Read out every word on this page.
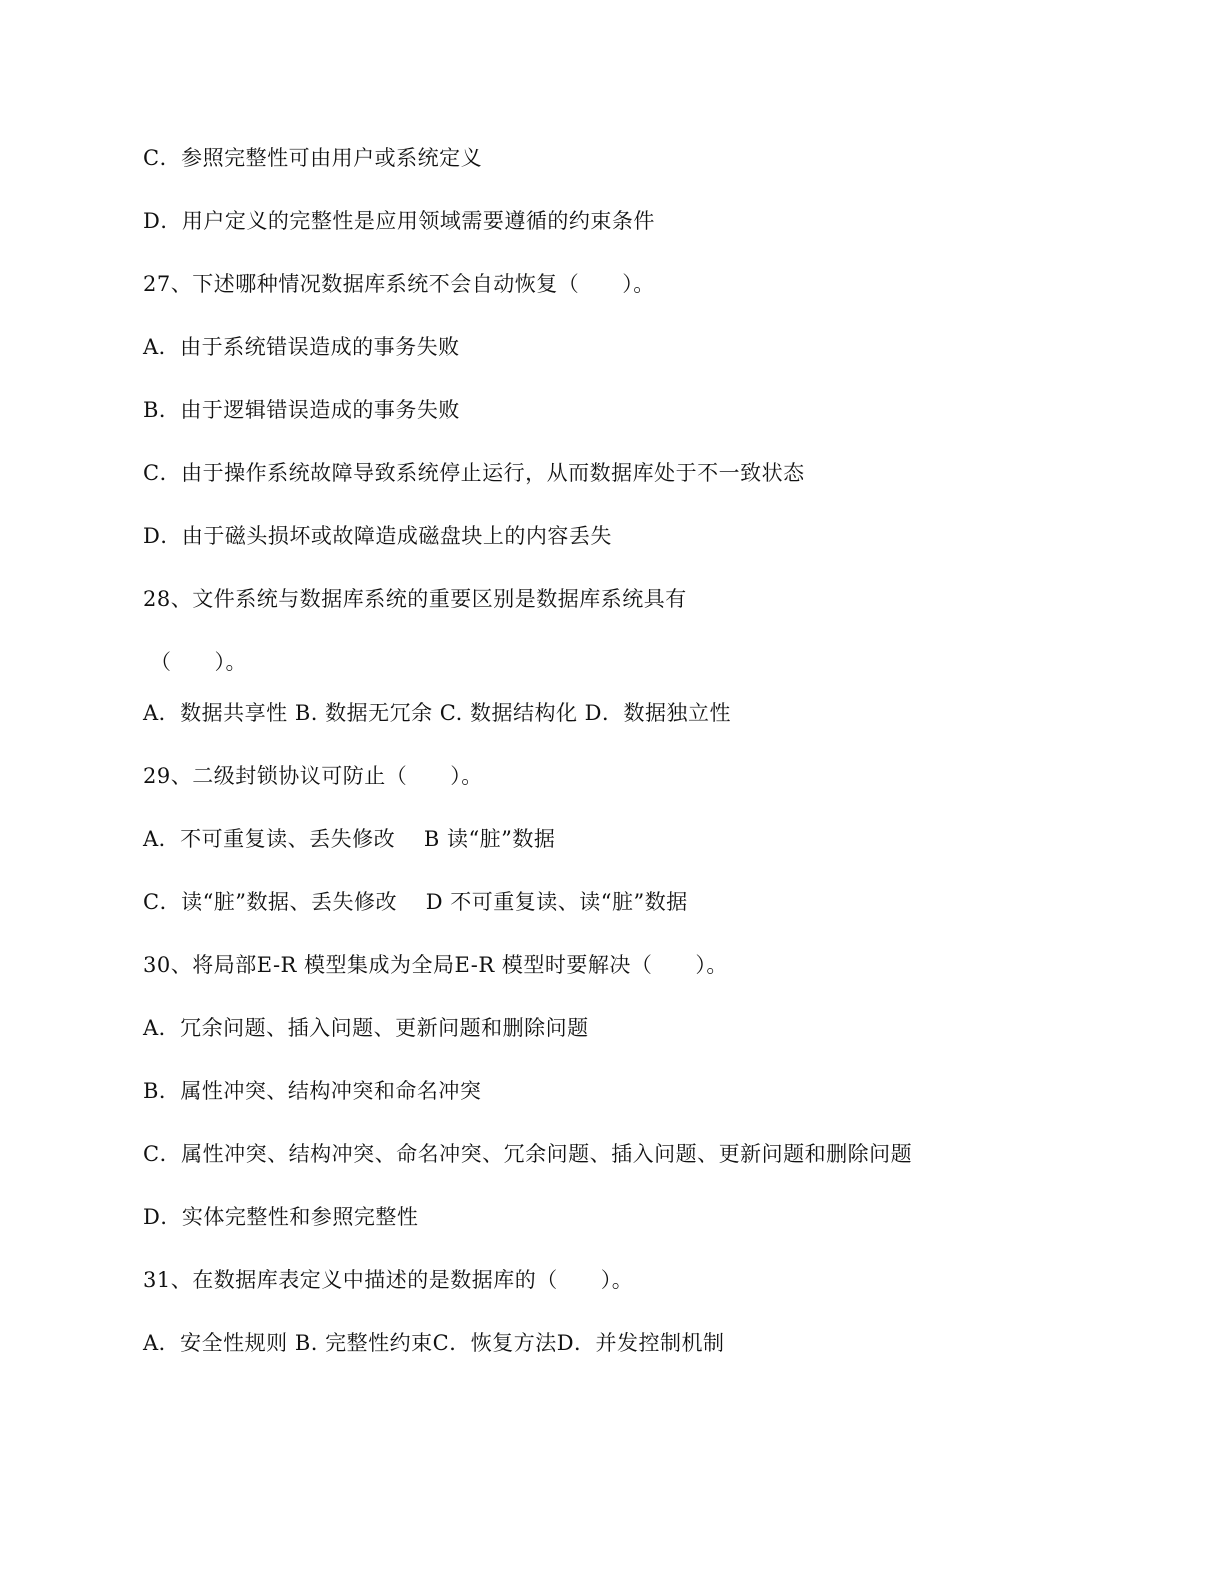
C．参照完整性可由用户或系统定义
D．用户定义的完整性是应用领域需要遵循的约束条件
27、下述哪种情况数据库系统不会自动恢复（　　）。
A．由于系统错误造成的事务失败
B．由于逻辑错误造成的事务失败
C．由于操作系统故障导致系统停止运行，从而数据库处于不一致状态
D．由于磁头损坏或故障造成磁盘块上的内容丢失
28、文件系统与数据库系统的重要区别是数据库系统具有
（　　）。
A．数据共享性 B. 数据无冗余 C. 数据结构化 D．数据独立性
29、二级封锁协议可防止（　　）。
A．不可重复读、丢失修改　 B 读“脏”数据
C．读“脏”数据、丢失修改　 D 不可重复读、读“脏”数据
30、将局部E-R 模型集成为全局E-R 模型时要解决（　　）。
A．冗余问题、插入问题、更新问题和删除问题
B．属性冲突、结构冲突和命名冲突
C．属性冲突、结构冲突、命名冲突、冗余问题、插入问题、更新问题和删除问题
D．实体完整性和参照完整性
31、在数据库表定义中描述的是数据库的（　　）。
A．安全性规则 B. 完整性约束C．恢复方法D．并发控制机制
